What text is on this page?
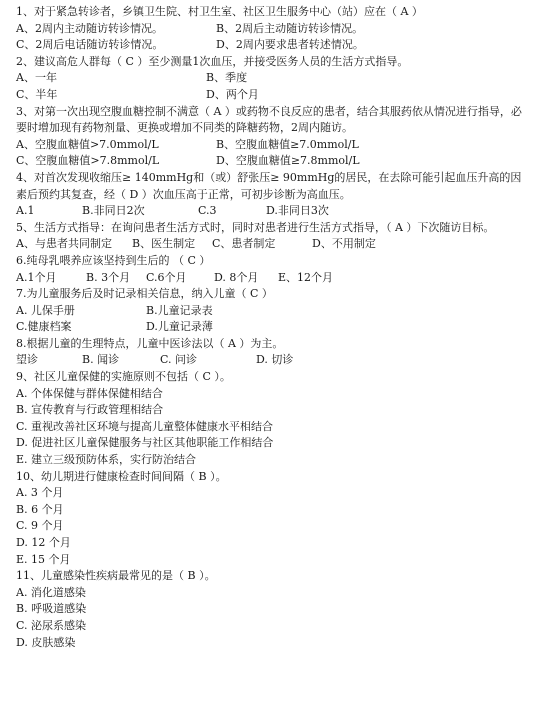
1、对于紧急转诊者，乡镇卫生院、村卫生室、社区卫生服务中心（站）应在（ A ）
A、2周内主动随访转诊情况。	B、2周后主动随访转诊情况。
C、2周后电话随访转诊情况。	D、2周内要求患者转述情况。
2、建议高危人群每（ C ）至少测量1次血压，并接受医务人员的生活方式指导。
A、一年	B、季度
C、半年	D、两个月
3、对第一次出现空腹血糖控制不满意（ A ）或药物不良反应的患者，结合其服药依从情况进行指导，必要时增加现有药物剂量、更换或增加不同类的降糖药物，2周内随访。
A、空腹血糖值>7.0mmol/L	B、空腹血糖值≥7.0mmol/L
C、空腹血糖值>7.8mmol/L	D、空腹血糖值≥7.8mmol/L
4、对首次发现收缩压≥ 140mmHg和（或）舒张压≥ 90mmHg的居民，在去除可能引起血压升高的因素后预约其复查，经（ D ）次血压高于正常，可初步诊断为高血压。
A.1	B.非同日2次	C.3	D.非同日3次
5、生活方式指导：在询问患者生活方式时，同时对患者进行生活方式指导，（ A ）下次随访目标。
A、与患者共同制定	B、医生制定	C、患者制定	D、不用制定
6.纯母乳喂养应该坚持到生后的 （ C ）
A.1个月	B. 3个月	C.6个月	D. 8个月	E、12个月
7.为儿童服务后及时记录相关信息，纳入儿童（ C ）
A. 儿保手册	B.儿童记录表
C.健康档案	D.儿童记录薄
8.根据儿童的生理特点，儿童中医诊法以（ A ）为主。
望诊	B. 闻诊	C. 问诊	D. 切诊
9、社区儿童保健的实施原则不包括（ C ）。
A. 个体保健与群体保健相结合
B. 宣传教育与行政管理相结合
C. 重视改善社区环境与提高儿童整体健康水平相结合
D. 促进社区儿童保健服务与社区其他职能工作相结合
E. 建立三级预防体系，实行防治结合
10、幼儿期进行健康检查时间间隔（ B ）。
A. 3 个月
B. 6 个月
C. 9 个月
D. 12 个月
E. 15 个月
11、儿童感染性疾病最常见的是（ B ）。
A. 消化道感染
B. 呼吸道感染
C. 泌尿系感染
D. 皮肤感染
